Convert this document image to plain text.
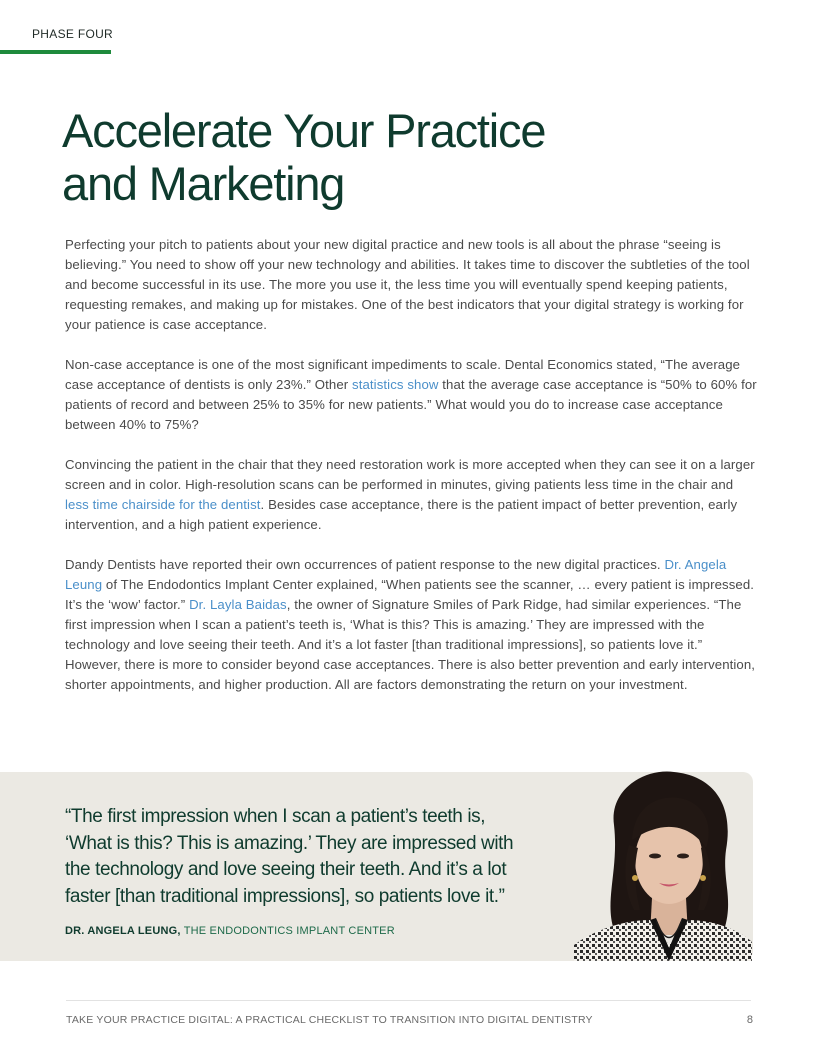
PHASE FOUR
Accelerate Your Practice
and Marketing

Perfecting your pitch to patients about your new digital practice and new tools is all about the phrase “seeing is believing.” You need to show off your new technology and abilities. It takes time to discover the subtleties of the tool and become successful in its use. The more you use it, the less time you will eventually spend keeping patients, requesting remakes, and making up for mistakes. One of the best indicators that your digital strategy is working for your patience is case acceptance.

Non-case acceptance is one of the most significant impediments to scale. Dental Economics stated, “The average case acceptance of dentists is only 23%.” Other statistics show that the average case acceptance is “50% to 60% for patients of record and between 25% to 35% for new patients.” What would you do to increase case acceptance between 40% to 75%?

Convincing the patient in the chair that they need restoration work is more accepted when they can see it on a larger screen and in color. High-resolution scans can be performed in minutes, giving patients less time in the chair and less time chairside for the dentist. Besides case acceptance, there is the patient impact of better prevention, early intervention, and a high patient experience.

Dandy Dentists have reported their own occurrences of patient response to the new digital practices. Dr. Angela Leung of The Endodontics Implant Center explained, “When patients see the scanner, … every patient is impressed. It’s the ‘wow’ factor.” Dr. Layla Baidas, the owner of Signature Smiles of Park Ridge, had similar experiences. “The first impression when I scan a patient’s teeth is, ‘What is this? This is amazing.’ They are impressed with the technology and love seeing their teeth. And it’s a lot faster [than traditional impressions], so patients love it.” However, there is more to consider beyond case acceptances. There is also better prevention and early intervention, shorter appointments, and higher production. All are factors demonstrating the return on your investment.

“The first impression when I scan a patient’s teeth is, ‘What is this? This is amazing.’ They are impressed with the technology and love seeing their teeth. And it’s a lot faster [than traditional impressions], so patients love it.”

DR. ANGELA LEUNG, THE ENDODONTICS IMPLANT CENTER
TAKE YOUR PRACTICE DIGITAL: A PRACTICAL CHECKLIST TO TRANSITION INTO DIGITAL DENTISTRY	8
